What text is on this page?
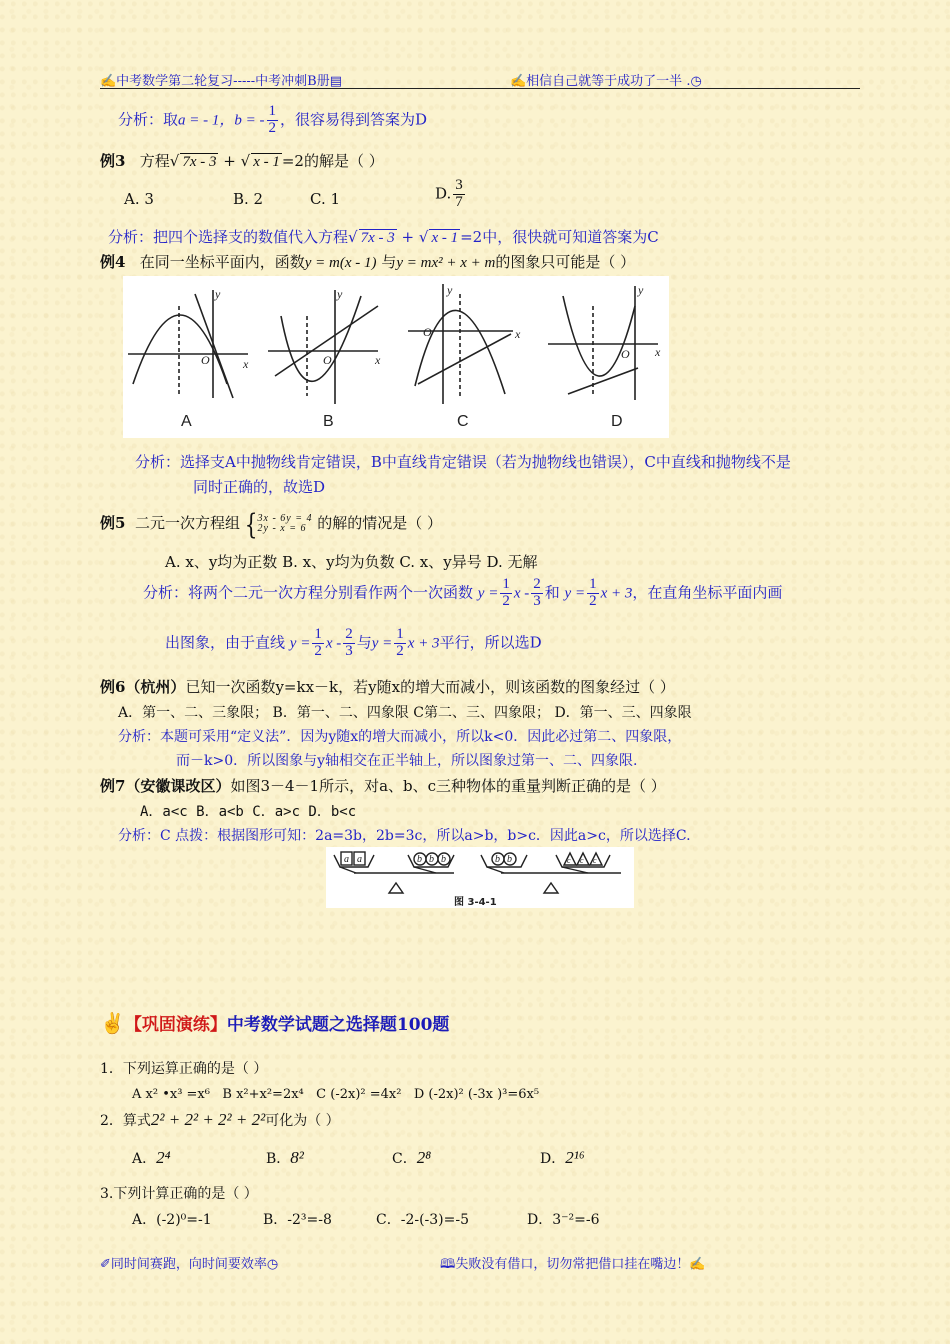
✍中考数学第二轮复习-----中考冲刺B册▤	✍相信自己就等于成功了一半 .◷
分析：取a = - 1，b = - $\frac{1}{2}$ ，很容易得到答案为D
例3 方程√ 7x - 3 + √ x - 1 =2的解是（ ）
A. 3	B. 2	C. 1	D. $\frac{3}{7}$
分析：把四个选择支的数值代入方程√ 7x - 3 + √ x - 1 =2中，很快就可知道答案为C
例4 在同一坐标平面内，函数y = m(x - 1) 与y = mx² + x + m的图象只可能是（ ）
y
x
O
y
x
O
y
x
O
y
x
O
A	B	C	D
分析：选择支A中抛物线肯定错误，B中直线肯定错误（若为抛物线也错误），C中直线和抛物线不是
同时正确的，故选D
例5 二元一次方程组 { 3x - 6y = 4
2y - x = 6 的解的情况是（ ）
A. x、y均为正数 B. x、y均为负数 C. x、y异号 D. 无解
分析：将两个二元一次方程分别看作两个一次函数 $y = \frac{1}{2}$ x - $\frac{2}{3}$ 和 $y = \frac{1}{2}$ x + 3，在直角坐标平面内画
出图象，由于直线 $y = \frac{1}{2}$ x - $\frac{2}{3}$ 与$y = \frac{1}{2}$ x + 3平行，所以选D
例6（杭州）已知一次函数y=kx－k，若y随x的增大而减小，则该函数的图象经过（ ）
A．第一、二、三象限； B．第一、二、四象限 C第二、三、四象限； D．第一、三、四象限
分析：本题可采用“定义法”．因为y随x的增大而减小，所以k<0．因此必过第二、四象限，
而－k>0．所以图象与y轴相交在正半轴上，所以图象过第一、二、四象限.
例7（安徽课改区）如图3－4－1所示，对a、b、c三种物体的重量判断正确的是（ ）
A．a<c B．a<b C．a>c D．b<c
分析：C 点拨：根据图形可知：2a=3b，2b=3c，所以a>b，b>c．因此a>c，所以选择C.
a a	b b b	b b	c c c
图 3-4-1
✌【巩固演练】中考数学试题之选择题100题
1．下列运算正确的是（ ）
A x² •x³ =x⁶ B x²+x²=2x⁴ C (-2x)² =4x² D (-2x)² (-3x )³=6x⁵
2．算式2² + 2² + 2² + 2²可化为（ ）
A．2⁴	B．8²	C．2⁸	D．2¹⁶
3.下列计算正确的是（ ）
A．(-2)⁰=-1	B．-2³=-8	C．-2-(-3)=-5	D．3⁻²=-6
✐同时间赛跑，向时间要效率◷	🕮失败没有借口，切勿常把借口挂在嘴边！✍
